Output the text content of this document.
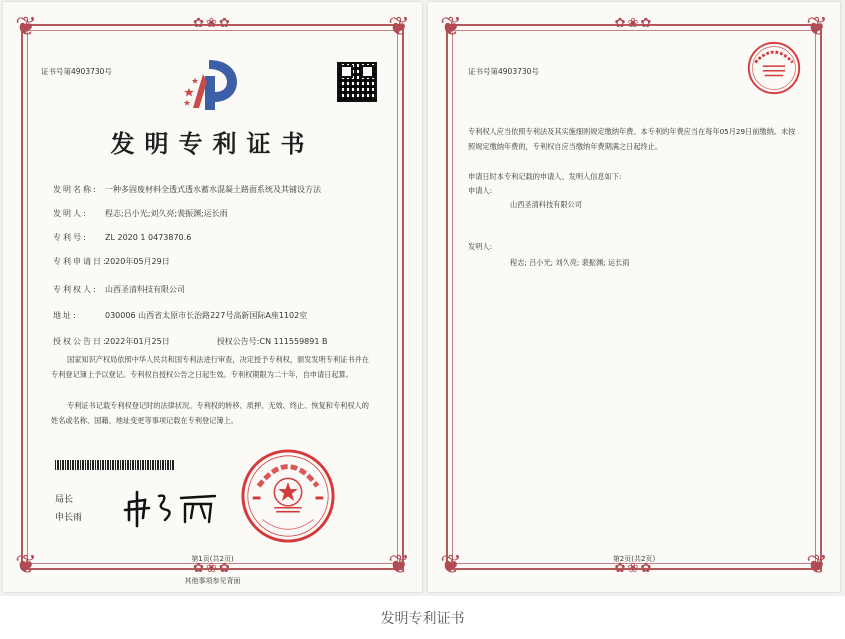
❦	❦
❦	❦
✿❀✿
✿❀✿
证书号第4903730号
发明专利证书
发明名称: 一种多固废材料全透式透水蓄水混凝土路面系统及其铺设方法
发明人: 程志;吕小光;刘久亮;裴振渊;运长雨
专利号: ZL 2020 1 0473870.6
专利申请日:2020年05月29日
专利权人: 山西圣清科技有限公司
地址:	030006 山西省太原市长治路227号高新国际A座1102室
授权公告日:2022年01月25日	授权公告号:CN 111559891 B
国家知识产权局依照中华人民共和国专利法进行审查，决定授予专利权，颁发发明专利证书并在专利登记簿上予以登记。专利权自授权公告之日起生效。专利权期限为二十年，自申请日起算。
专利证书记载专利权登记时的法律状况。专利权的转移、质押、无效、终止、恢复和专利权人的姓名或名称、国籍、地址变更等事项记载在专利登记簿上。
局长
申长雨
第1页(共2页)
其他事项参见背面
❦	❦
❦	❦
✿❀✿
✿❀✿
证书号第4903730号
专利权人应当依照专利法及其实施细则规定缴纳年费。本专利的年费应当在每年05月29日前缴纳。未按照规定缴纳年费的，专利权自应当缴纳年费期满之日起终止。
申请日时本专利记载的申请人、发明人信息如下:
申请人:
山西圣清科技有限公司
发明人:
程志; 吕小光; 刘久亮; 裴振渊; 运长雨
第2页(共2页)
发明专利证书
